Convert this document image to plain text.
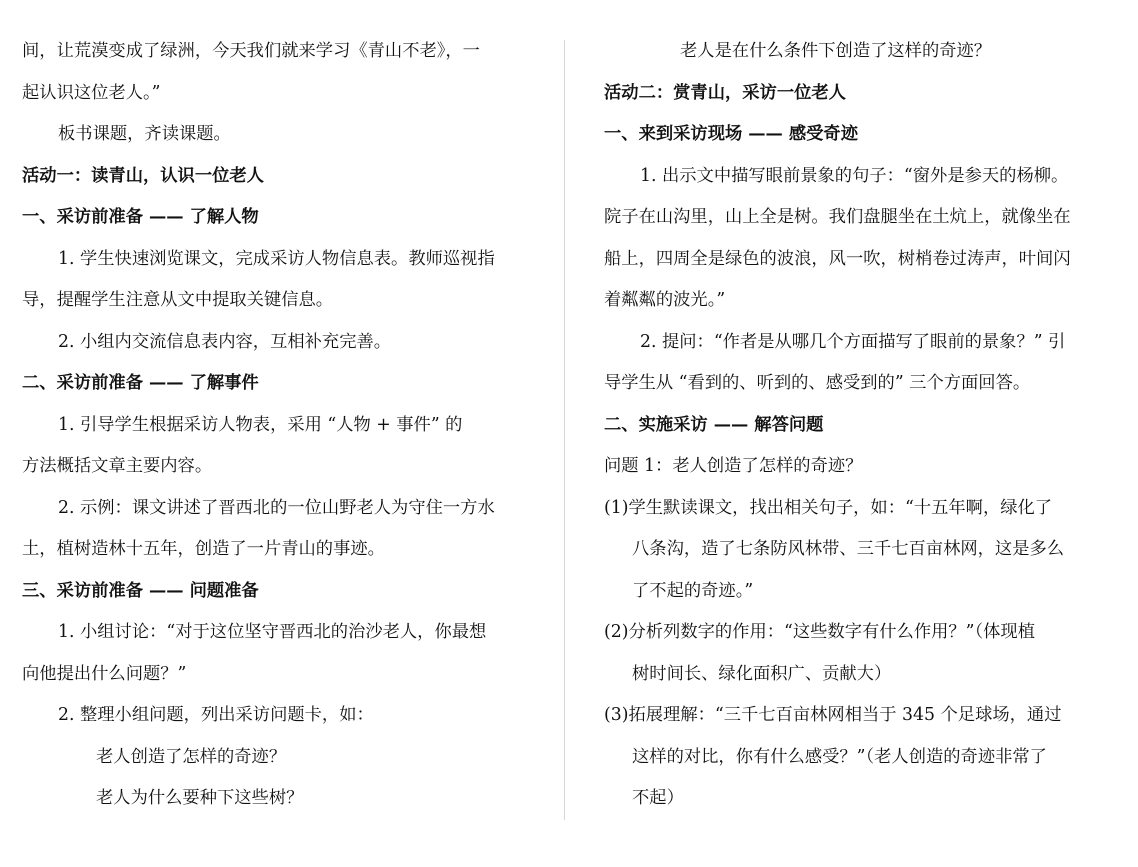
间，让荒漠变成了绿洲，今天我们就来学习《青山不老》，一
起认识这位老人。”
板书课题，齐读课题。
活动一：读青山，认识一位老人
一、采访前准备 —— 了解人物
1. 学生快速浏览课文，完成采访人物信息表。教师巡视指
导，提醒学生注意从文中提取关键信息。
2. 小组内交流信息表内容，互相补充完善。
二、采访前准备 —— 了解事件
1. 引导学生根据采访人物表，采用 “人物 + 事件” 的
方法概括文章主要内容。
2. 示例：课文讲述了晋西北的一位山野老人为守住一方水
土，植树造林十五年，创造了一片青山的事迹。
三、采访前准备 —— 问题准备
1. 小组讨论：“对于这位坚守晋西北的治沙老人，你最想
向他提出什么问题？”
2. 整理小组问题，列出采访问题卡，如：
老人创造了怎样的奇迹？
老人为什么要种下这些树？
老人是在什么条件下创造了这样的奇迹？
活动二：赏青山，采访一位老人
一、来到采访现场 —— 感受奇迹
1. 出示文中描写眼前景象的句子：“窗外是参天的杨柳。
院子在山沟里，山上全是树。我们盘腿坐在土炕上，就像坐在
船上，四周全是绿色的波浪，风一吹，树梢卷过涛声，叶间闪
着粼粼的波光。”
2. 提问：“作者是从哪几个方面描写了眼前的景象？” 引
导学生从 “看到的、听到的、感受到的” 三个方面回答。
二、实施采访 —— 解答问题
问题 1：老人创造了怎样的奇迹？
(1)学生默读课文，找出相关句子，如：“十五年啊，绿化了
八条沟，造了七条防风林带、三千七百亩林网，这是多么
了不起的奇迹。”
(2)分析列数字的作用：“这些数字有什么作用？”（体现植
树时间长、绿化面积广、贡献大）
(3)拓展理解：“三千七百亩林网相当于 345 个足球场，通过
这样的对比，你有什么感受？”（老人创造的奇迹非常了
不起）
